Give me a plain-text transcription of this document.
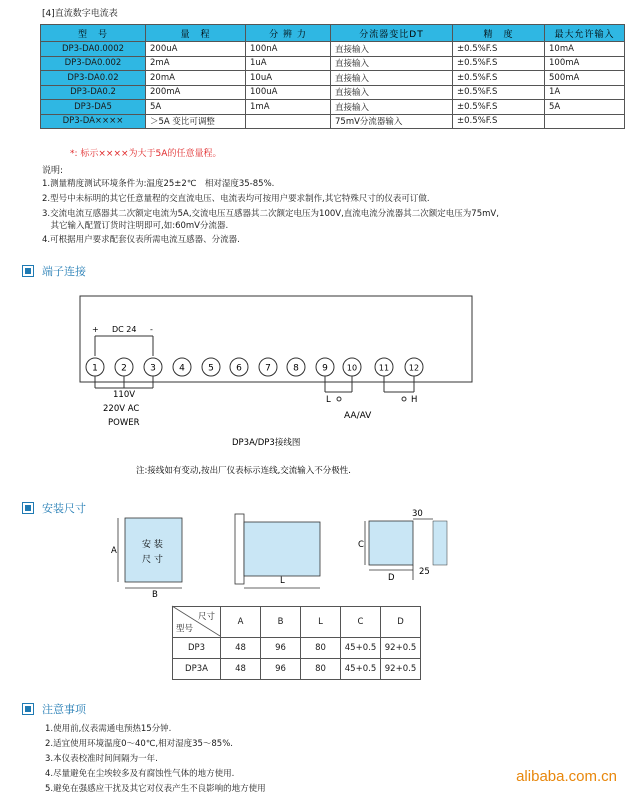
[4]直流数字电流表
型　号	量　程	分 辨 力	分流器变比DT	精　度	最大允许输入
DP3-DA0.0002	200uA	100nA	直接输入	±0.5%F.S	10mA
DP3-DA0.002	2mA	1uA	直接输入	±0.5%F.S	100mA
DP3-DA0.02	20mA	10uA	直接输入	±0.5%F.S	500mA
DP3-DA0.2	200mA	100uA	直接输入	±0.5%F.S	1A
DP3-DA5	5A	1mA	直接输入	±0.5%F.S	5A
DP3-DA××××	＞5A 变比可调整		75mV分流器输入	±0.5%F.S	
*: 标示××××为大于5A的任意量程。
说明:
1.测量精度测试环境条件为:温度25±2℃　相对湿度35-85%.
2.型号中未标明的其它任意量程的交直流电压、电流表均可按用户要求制作,其它特殊尺寸的仪表可订做.
3.交流电流互感器其二次额定电流为5A,交流电压互感器其二次额定电压为100V,直流电流分流器其二次额定电压为75mV,
　其它输入配置订货时注明即可,如:60mV分流器.
4.可根据用户要求配套仪表所需电流互感器、分流器.
端子连接
+	-
DC 24
110V
220V AC
POWER
1	2	3	4	5 6	7 8	9 10	11 12
L	H
AA/AV
DP3A/DP3接线图
注:接线如有变动,按出厂仪表标示连线,交流输入不分极性.
安 装
尺 寸
A
B
L
30
C
D
25
安装尺寸
尺寸
型号	A	B	L	C	D
DP3	48	96	80	45+0.5	92+0.5
DP3A	48	96	80	45+0.5	92+0.5
注意事项
1.使用前,仪表需通电预热15分钟.
2.适宜使用环境温度0～40℃,相对湿度35～85%.
3.本仪表校准时间间隔为一年.
4.尽量避免在尘埃较多及有腐蚀性气体的地方使用.
5.避免在强感应干扰及其它对仪表产生不良影响的地方使用
alibaba.com.cn
